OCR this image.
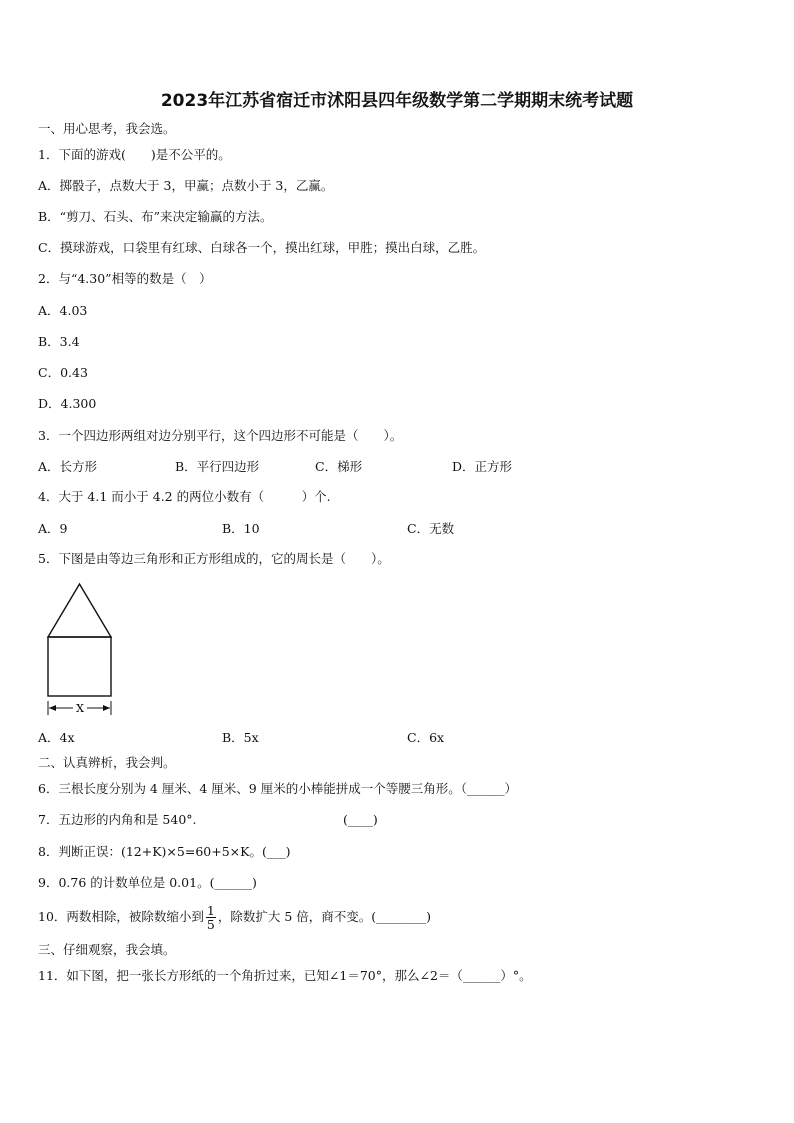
2023年江苏省宿迁市沭阳县四年级数学第二学期期末统考试题
一、用心思考，我会选。
1．下面的游戏(　　)是不公平的。
A．掷骰子，点数大于 3，甲赢；点数小于 3，乙赢。
B．“剪刀、石头、布”来决定输赢的方法。
C．摸球游戏，口袋里有红球、白球各一个，摸出红球，甲胜；摸出白球，乙胜。
2．与“4.30”相等的数是（　）
A．4.03
B．3.4
C．0.43
D．4.300
3．一个四边形两组对边分别平行，这个四边形不可能是（　　）。
A．长方形	B．平行四边形	C．梯形	D．正方形
4．大于 4.1 而小于 4.2 的两位小数有（　　　）个.
A．9	B．10	C．无数
5．下图是由等边三角形和正方形组成的，它的周长是（　　）。
X
A．4x	B．5x	C．6x
二、认真辨析，我会判。
6．三根长度分别为 4 厘米、4 厘米、9 厘米的小棒能拼成一个等腰三角形。（______）
7．五边形的内角和是 540°.	(____)
8．判断正误：(12+K)×5=60+5×K。(___)
9．0.76 的计数单位是 0.01。(______)
10．两数相除，被除数缩小到 $\frac{1}{5}$ ，除数扩大 5 倍，商不变。(________)
三、仔细观察，我会填。
11．如下图，把一张长方形纸的一个角折过来，已知∠1＝70°，那么∠2＝（______）°。
